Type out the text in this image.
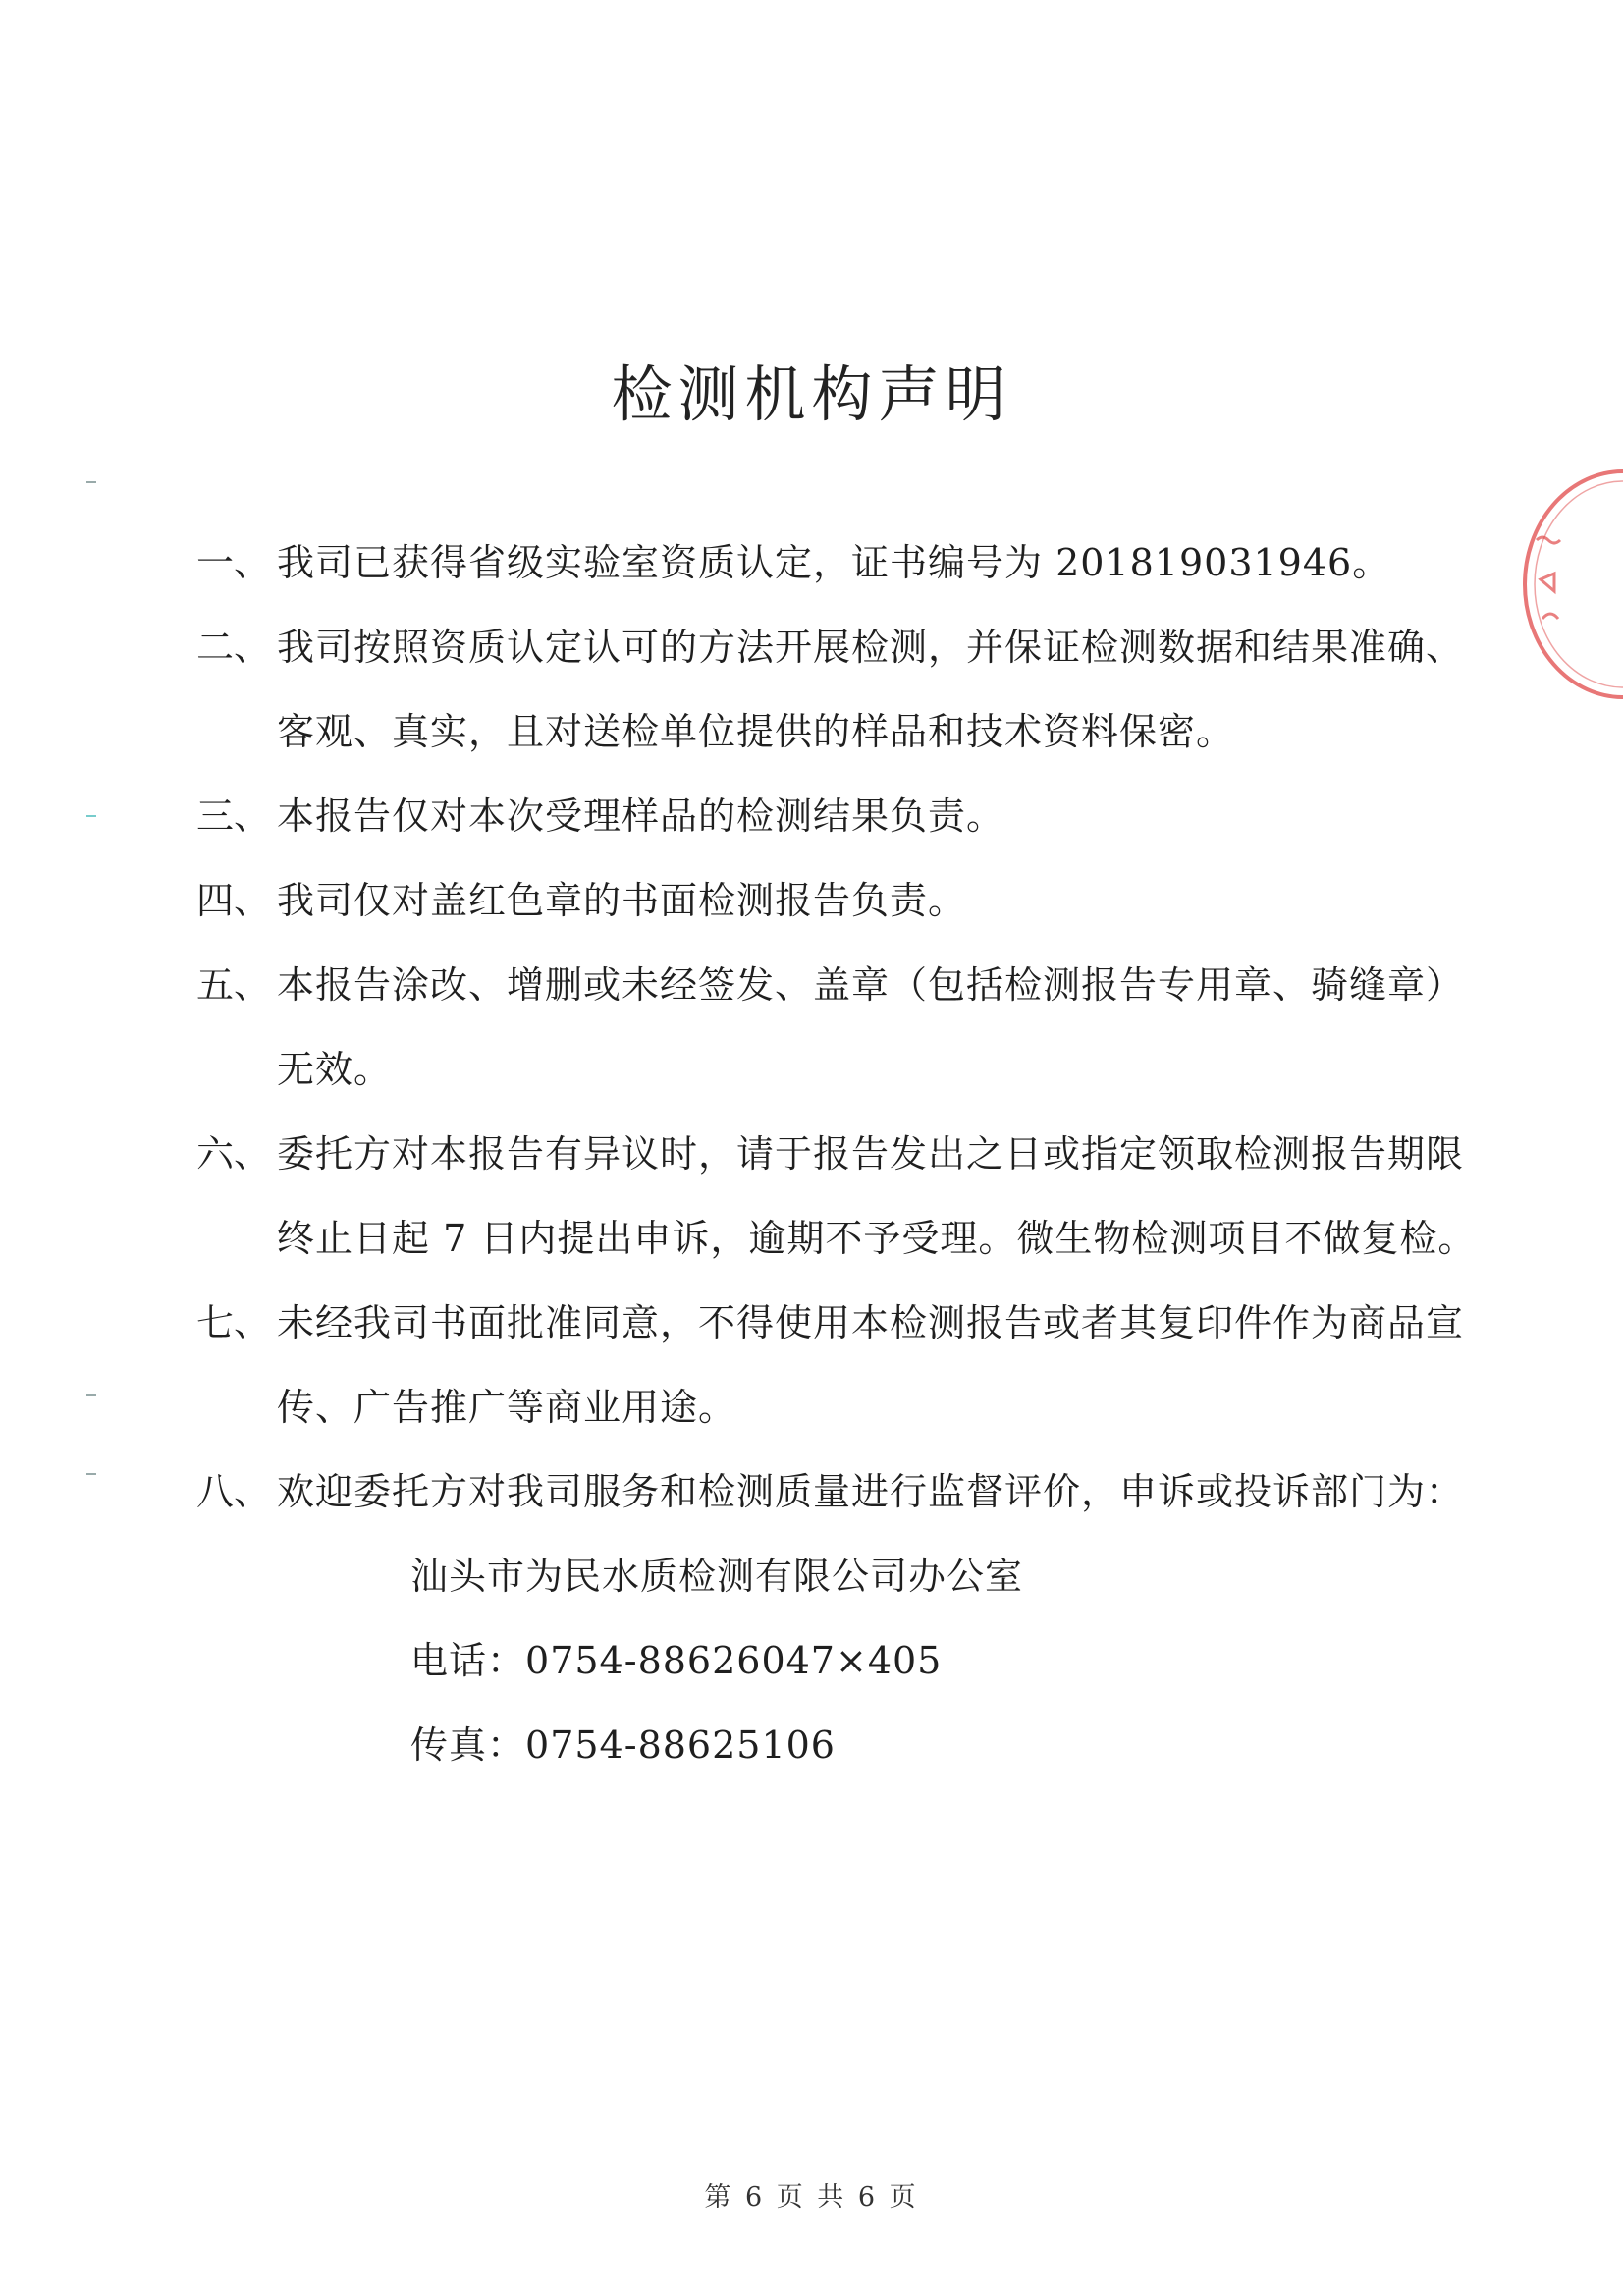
检测机构声明
一、 我司已获得省级实验室资质认定，证书编号为 201819031946。
二、 我司按照资质认定认可的方法开展检测，并保证检测数据和结果准确、客观、真实，且对送检单位提供的样品和技术资料保密。
三、 本报告仅对本次受理样品的检测结果负责。
四、 我司仅对盖红色章的书面检测报告负责。
五、 本报告涂改、增删或未经签发、盖章（包括检测报告专用章、骑缝章）无效。
六、 委托方对本报告有异议时，请于报告发出之日或指定领取检测报告期限终止日起 7 日内提出申诉，逾期不予受理。微生物检测项目不做复检。
七、 未经我司书面批准同意，不得使用本检测报告或者其复印件作为商品宣传、广告推广等商业用途。
八、 欢迎委托方对我司服务和检测质量进行监督评价，申诉或投诉部门为：
汕头市为民水质检测有限公司办公室
电话：0754-88626047×405
传真：0754-88625106
第 6 页 共 6 页
